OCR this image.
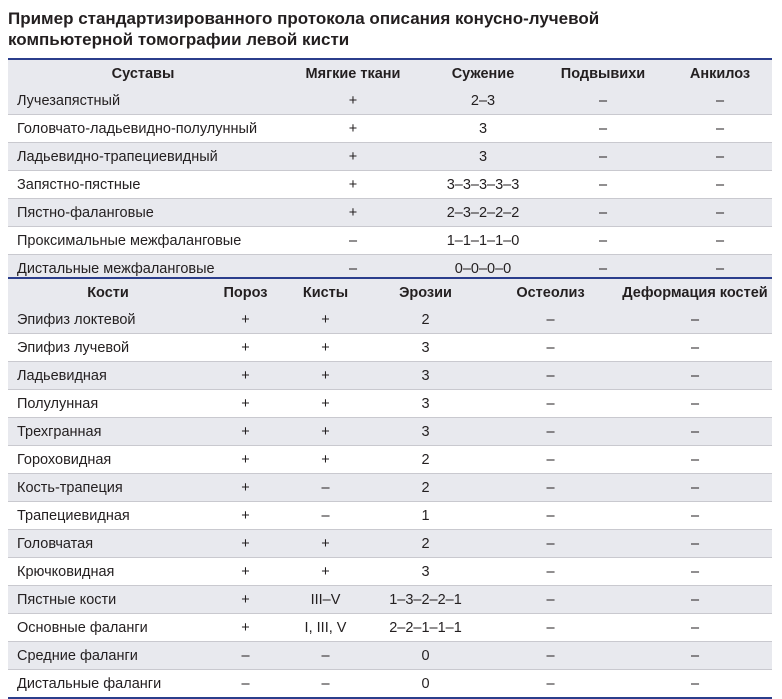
Пример стандартизированного протокола описания конусно-лучевой
компьютерной томографии левой кисти
Суставы	Мягкие ткани	Сужение	Подвывихи	Анкилоз
Лучезапястный	+	2–3	–	–
Головчато-ладьевидно-полулунный	+	3	–	–
Ладьевидно-трапециевидный	+	3	–	–
Запястно-пястные	+	3–3–3–3–3	–	–
Пястно-фаланговые	+	2–3–2–2–2	–	–
Проксимальные межфаланговые	–	1–1–1–1–0	–	–
Дистальные межфаланговые	–	0–0–0–0	–	–
Кости	Пороз	Кисты	Эрозии	Остеолиз	Деформация костей
Эпифиз локтевой	+	+	2	–	–
Эпифиз лучевой	+	+	3	–	–
Ладьевидная	+	+	3	–	–
Полулунная	+	+	3	–	–
Трехгранная	+	+	3	–	–
Гороховидная	+	+	2	–	–
Кость-трапеция	+	–	2	–	–
Трапециевидная	+	–	1	–	–
Головчатая	+	+	2	–	–
Крючковидная	+	+	3	–	–
Пястные кости	+	III–V	1–3–2–2–1	–	–
Основные фаланги	+	I, III, V	2–2–1–1–1	–	–
Средние фаланги	–	–	0	–	–
Дистальные фаланги	–	–	0	–	–
